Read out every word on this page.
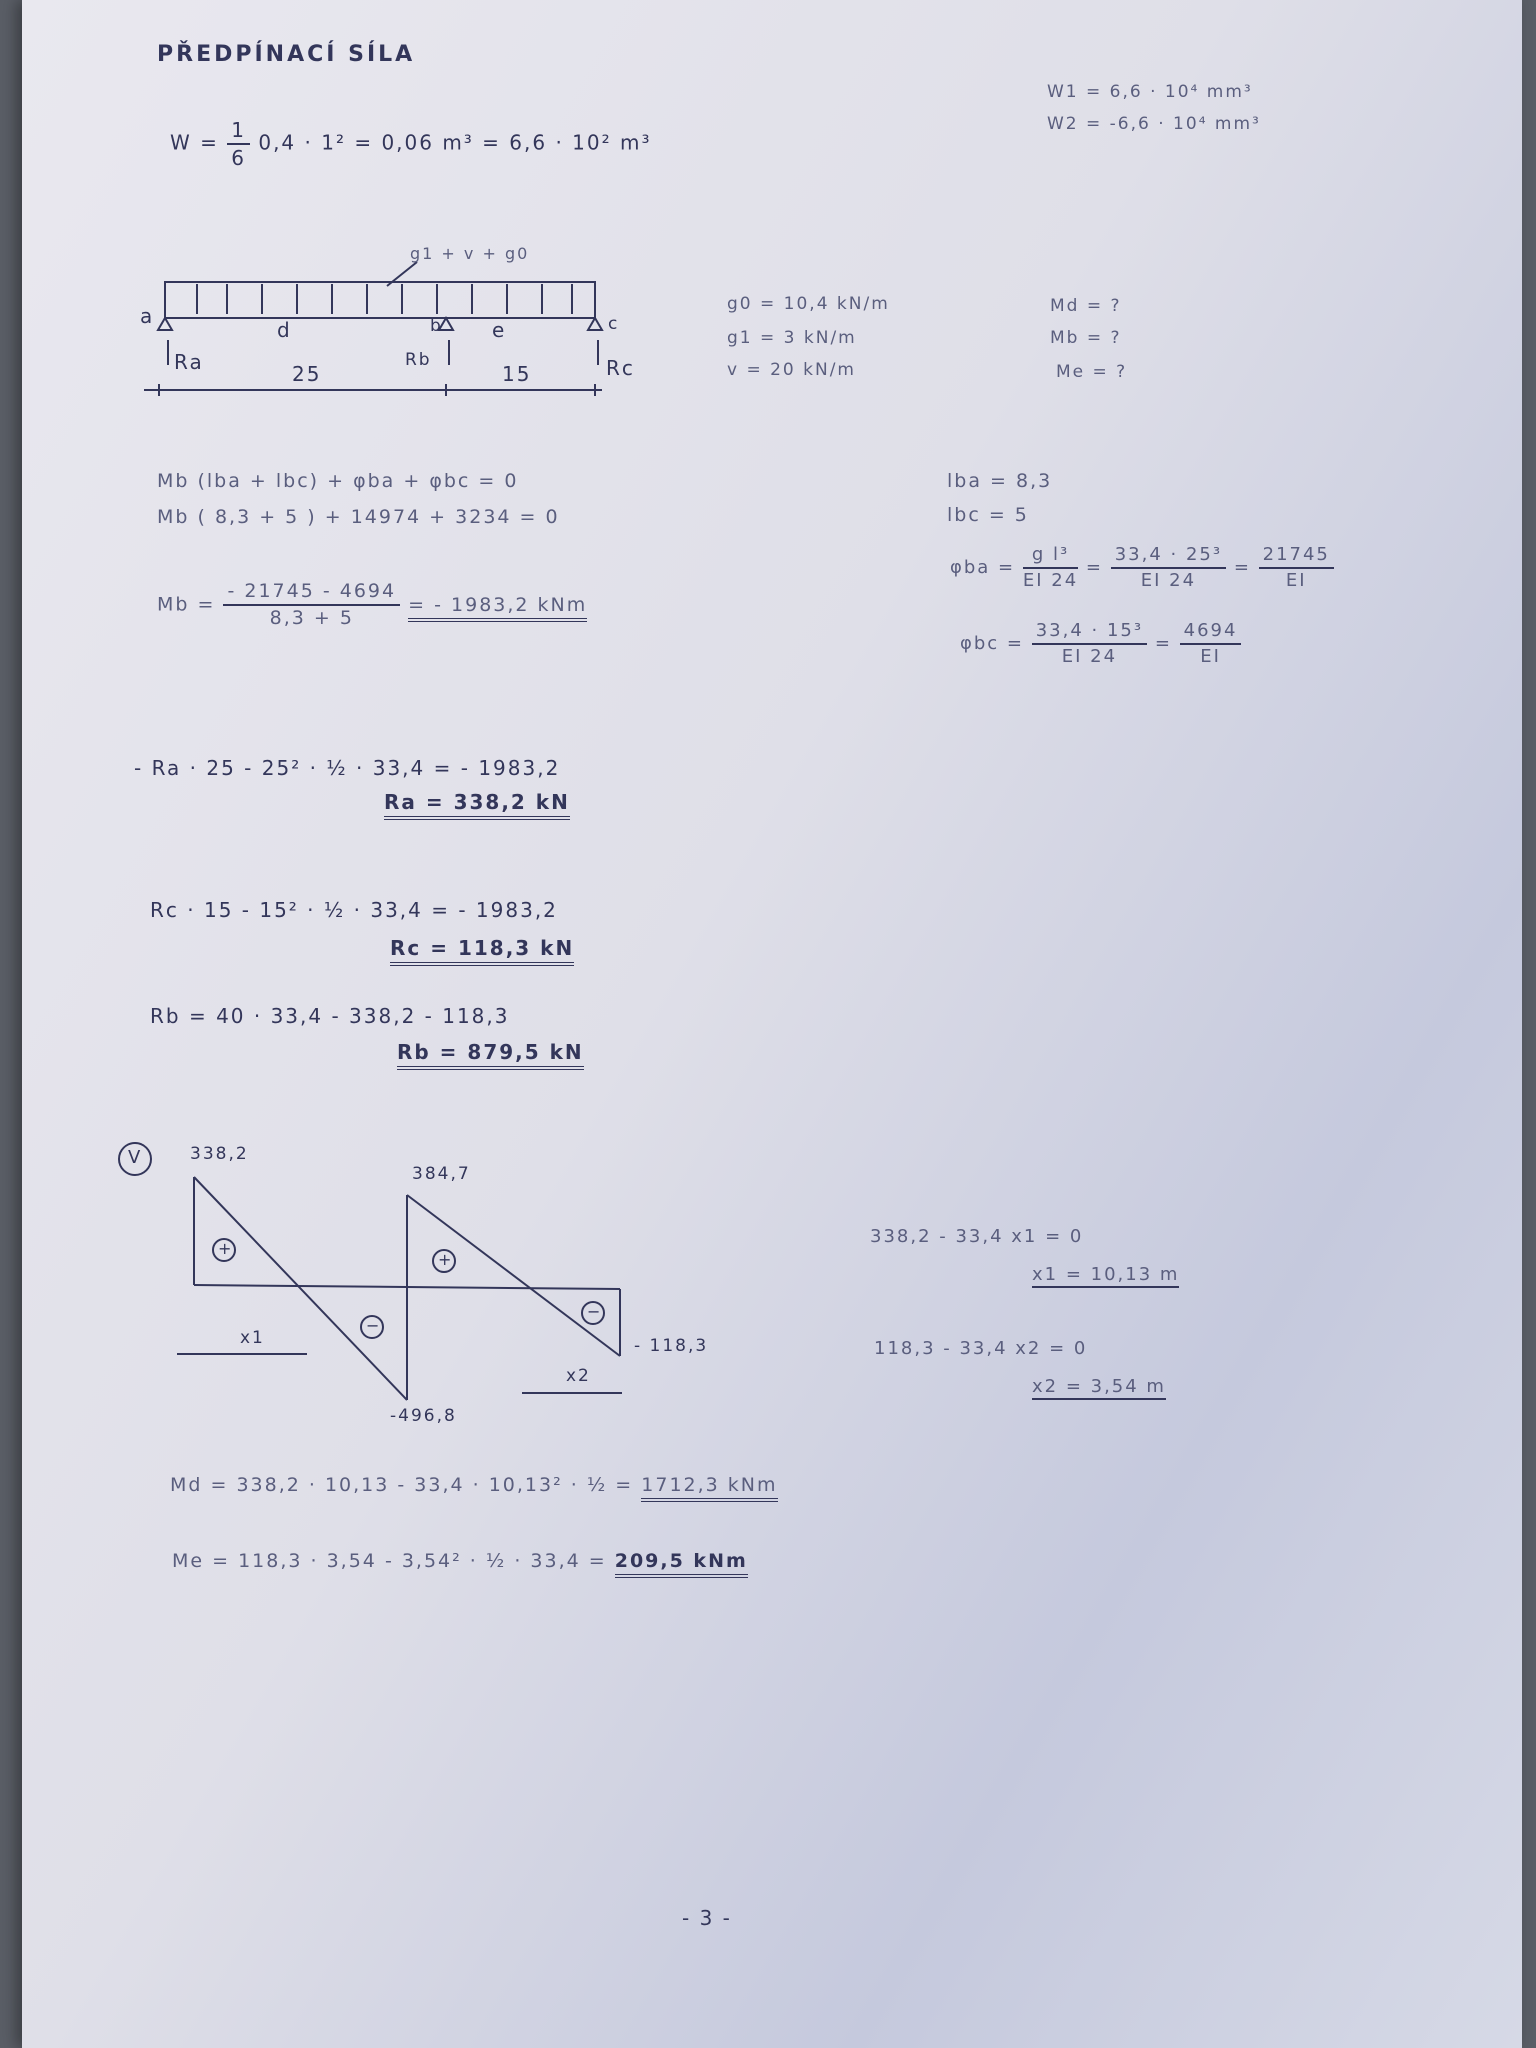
PŘEDPÍNACÍ SÍLA
$W = \frac{1}{6} 0,4 \cdot 1^2 = 0,06$ m³ = 6,6 · 10² m³
W1 = 6,6 · 10⁴ mm³
W2 = -6,6 · 10⁴ mm³
g1 + v + g0
a
d	b e	c
Ra	Rb	Rc
25	15
g0 = 10,4 kN/m
g1 = 3 kN/m
v = 20 kN/m
Md = ?
Mb = ?
Me = ?
Mb (lba + lbc) + φba + φbc = 0
Mb ( 8,3 + 5 ) + 14974 + 3234 = 0
$Mb = \frac{- 21745 - 4694}{8,3 + 5}$ = - 1983,2 kNm
lba = 8,3
lbc = 5
$\varphi ba = \frac{\text{g l³}}{EI 24} = \frac{\text{33,4 · 25³}}{EI 24} = \frac{21745}{EI}$
$\varphi bc = \frac{\text{33,4 · 15³}}{EI 24} = \frac{4694}{EI}$
- Ra · 25 - 25² · ½ · 33,4 = - 1983,2
Ra = 338,2 kN
Rc · 15 - 15² · ½ · 33,4 = - 1983,2
Rc = 118,3 kN
Rb = 40 · 33,4 - 338,2 - 118,3
Rb = 879,5 kN
V	338,2
384,7
-496,8
- 118,3
+
−
+
−
x1
x2
338,2 - 33,4 x1 = 0
x1 = 10,13 m
118,3 - 33,4 x2 = 0
x2 = 3,54 m
Md = 338,2 · 10,13 - 33,4 · 10,13² · ½ = 1712,3 kNm
Me = 118,3 · 3,54 - 3,54² · ½ · 33,4 = 209,5 kNm
- 3 -
